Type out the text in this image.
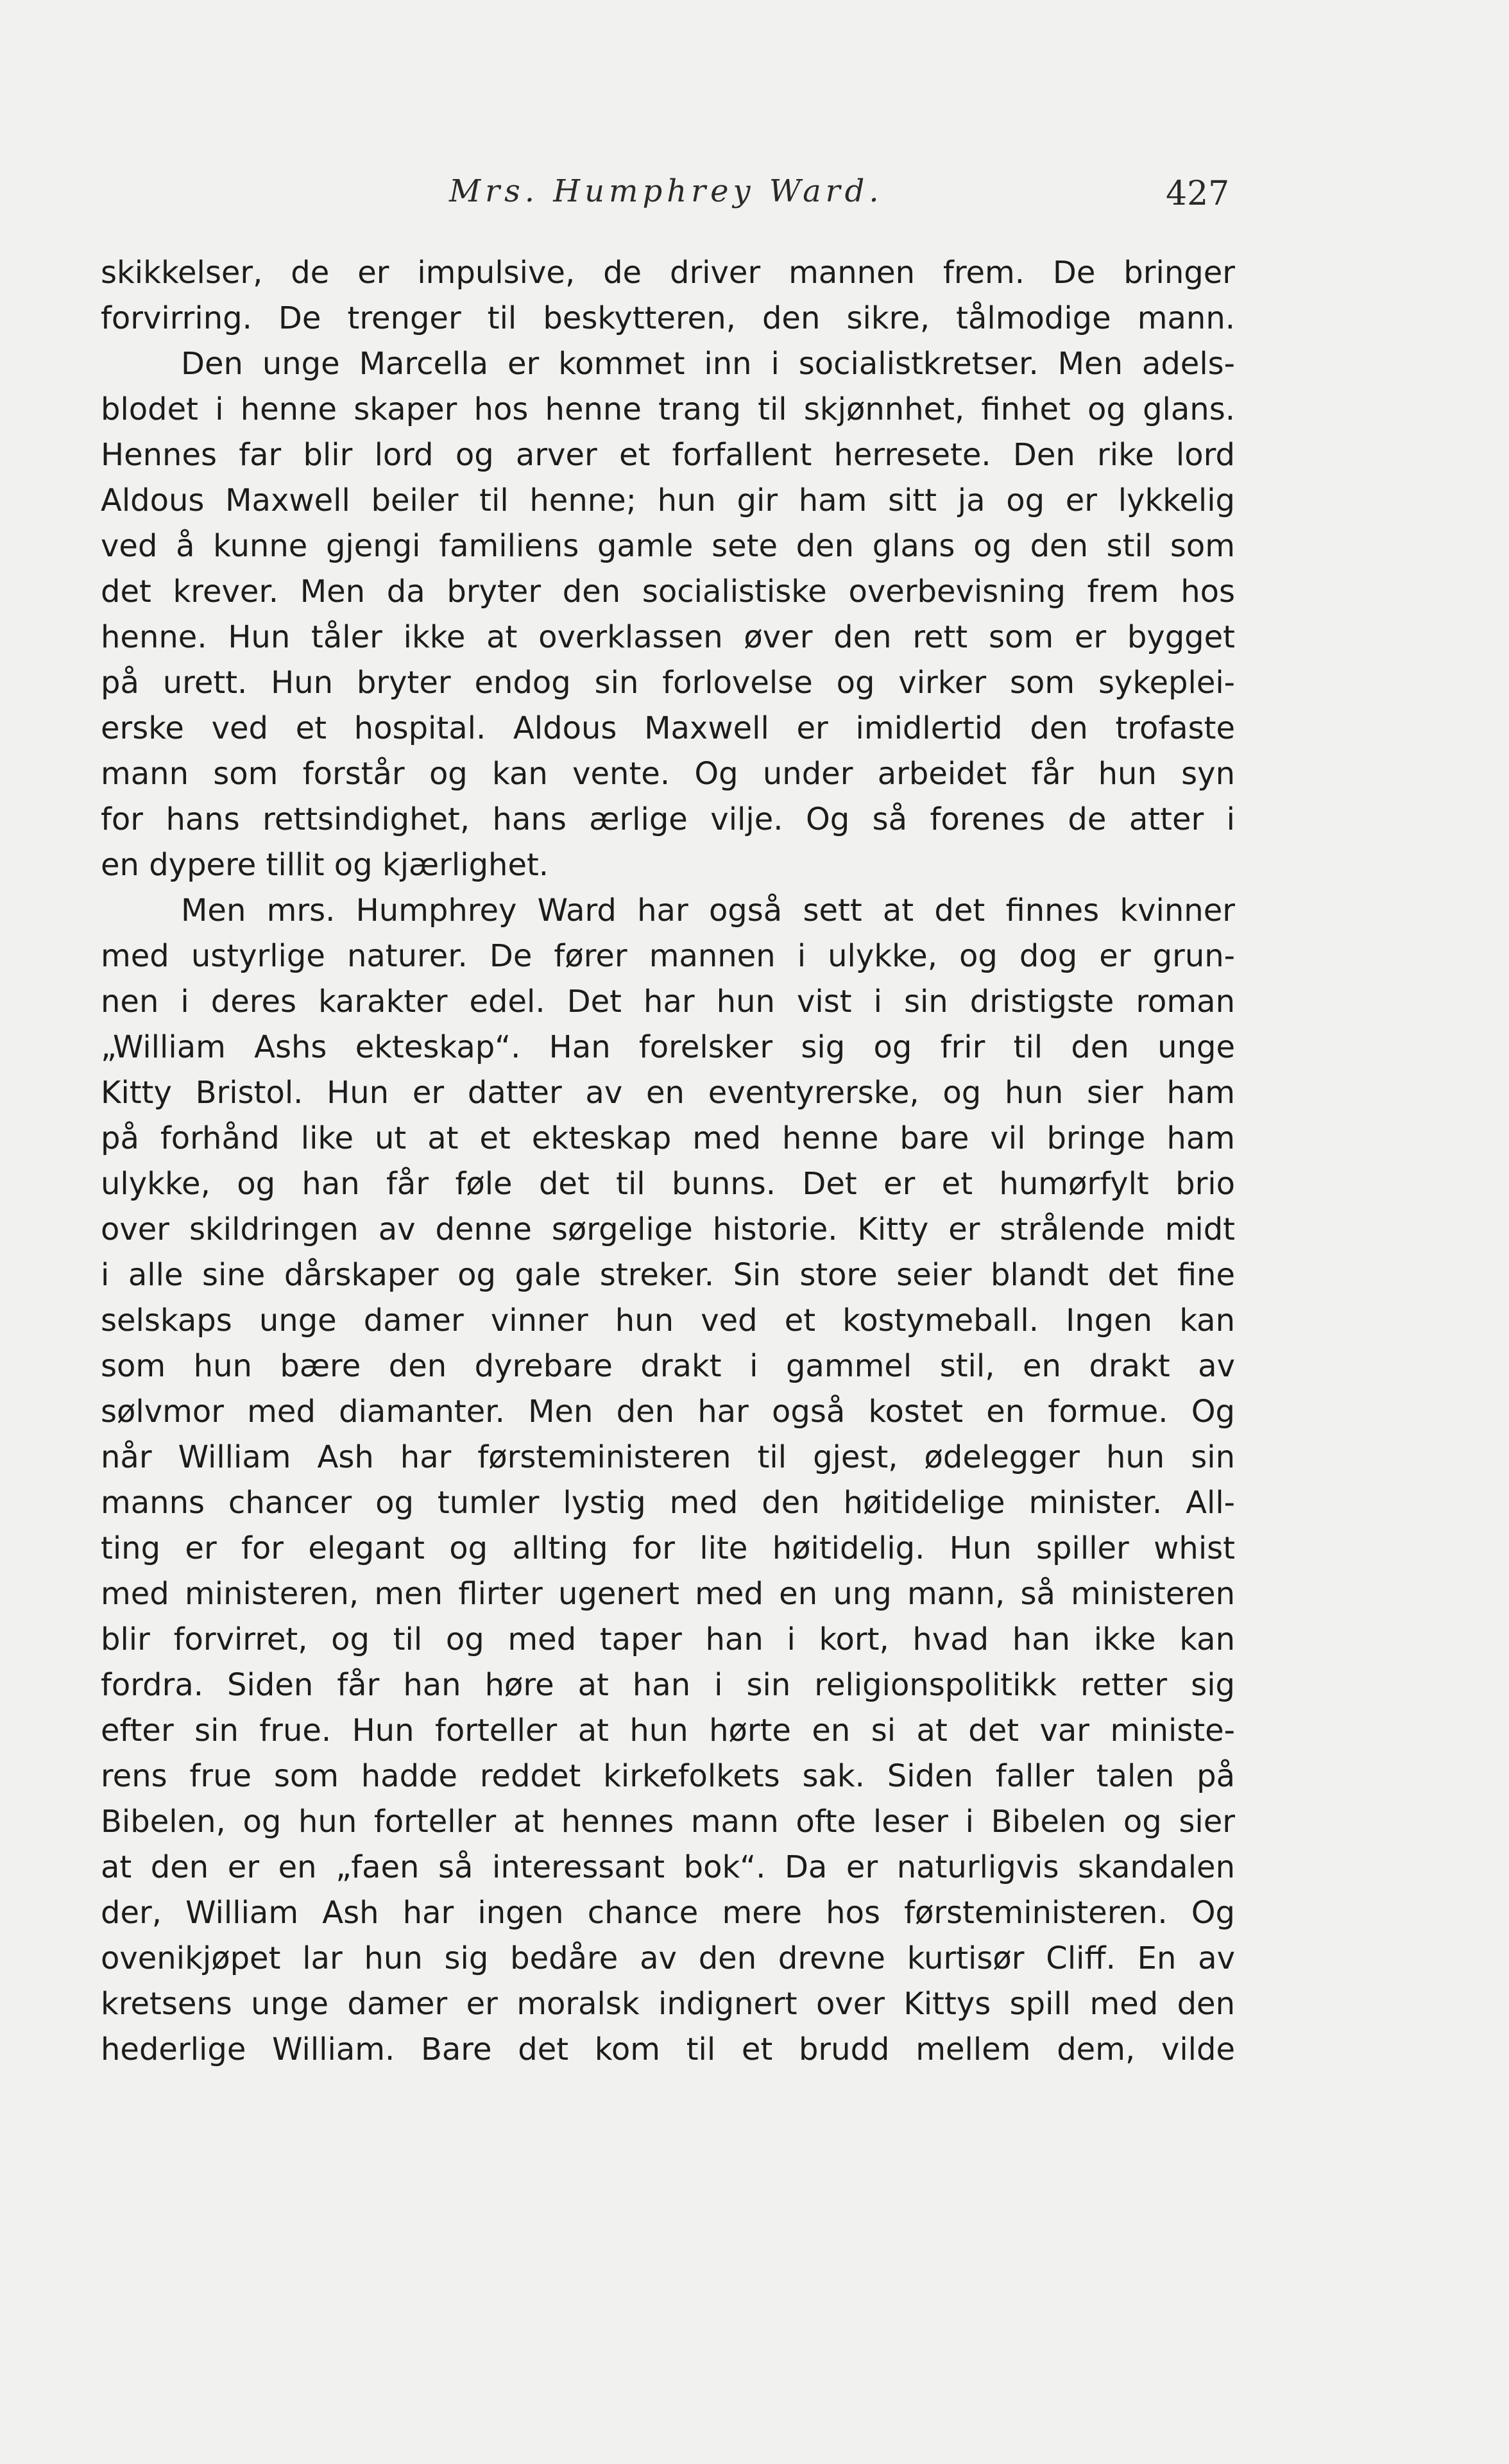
Mrs. Humphrey Ward.	427
skikkelser, de er impulsive, de driver mannen frem. De bringer
forvirring. De trenger til beskytteren, den sikre, tålmodige mann.
Den unge Marcella er kommet inn i socialistkretser. Men adels-
blodet i henne skaper hos henne trang til skjønnhet, finhet og glans.
Hennes far blir lord og arver et forfallent herresete. Den rike lord
Aldous Maxwell beiler til henne; hun gir ham sitt ja og er lykkelig
ved å kunne gjengi familiens gamle sete den glans og den stil som
det krever. Men da bryter den socialistiske overbevisning frem hos
henne. Hun tåler ikke at overklassen øver den rett som er bygget
på urett. Hun bryter endog sin forlovelse og virker som sykeplei-
erske ved et hospital. Aldous Maxwell er imidlertid den trofaste
mann som forstår og kan vente. Og under arbeidet får hun syn
for hans rettsindighet, hans ærlige vilje. Og så forenes de atter i
en dypere tillit og kjærlighet.
Men mrs. Humphrey Ward har også sett at det finnes kvinner
med ustyrlige naturer. De fører mannen i ulykke, og dog er grun-
nen i deres karakter edel. Det har hun vist i sin dristigste roman
„William Ashs ekteskap“. Han forelsker sig og frir til den unge
Kitty Bristol. Hun er datter av en eventyrerske, og hun sier ham
på forhånd like ut at et ekteskap med henne bare vil bringe ham
ulykke, og han får føle det til bunns. Det er et humørfylt brio
over skildringen av denne sørgelige historie. Kitty er strålende midt
i alle sine dårskaper og gale streker. Sin store seier blandt det fine
selskaps unge damer vinner hun ved et kostymeball. Ingen kan
som hun bære den dyrebare drakt i gammel stil, en drakt av
sølvmor med diamanter. Men den har også kostet en formue. Og
når William Ash har førsteministeren til gjest, ødelegger hun sin
manns chancer og tumler lystig med den høitidelige minister. All-
ting er for elegant og allting for lite høitidelig. Hun spiller whist
med ministeren, men flirter ugenert med en ung mann, så ministeren
blir forvirret, og til og med taper han i kort, hvad han ikke kan
fordra. Siden får han høre at han i sin religionspolitikk retter sig
efter sin frue. Hun forteller at hun hørte en si at det var ministe-
rens frue som hadde reddet kirkefolkets sak. Siden faller talen på
Bibelen, og hun forteller at hennes mann ofte leser i Bibelen og sier
at den er en „faen så interessant bok“. Da er naturligvis skandalen
der, William Ash har ingen chance mere hos førsteministeren. Og
ovenikjøpet lar hun sig bedåre av den drevne kurtisør Cliff. En av
kretsens unge damer er moralsk indignert over Kittys spill med den
hederlige William. Bare det kom til et brudd mellem dem, vilde
